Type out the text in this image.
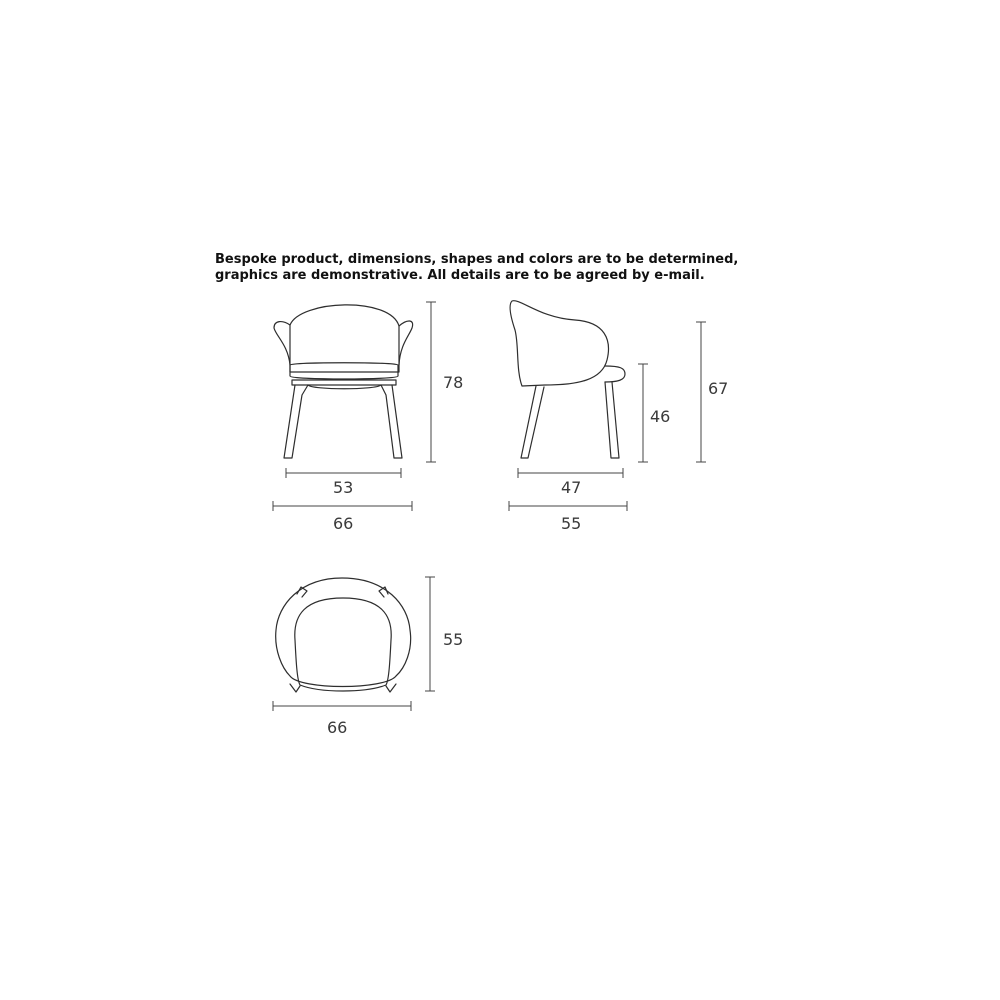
Bespoke product, dimensions, shapes and colors are to be determined,
graphics are demonstrative. All details are to be agreed by e-mail.
78
53
66
46
67
47
55
55
66
